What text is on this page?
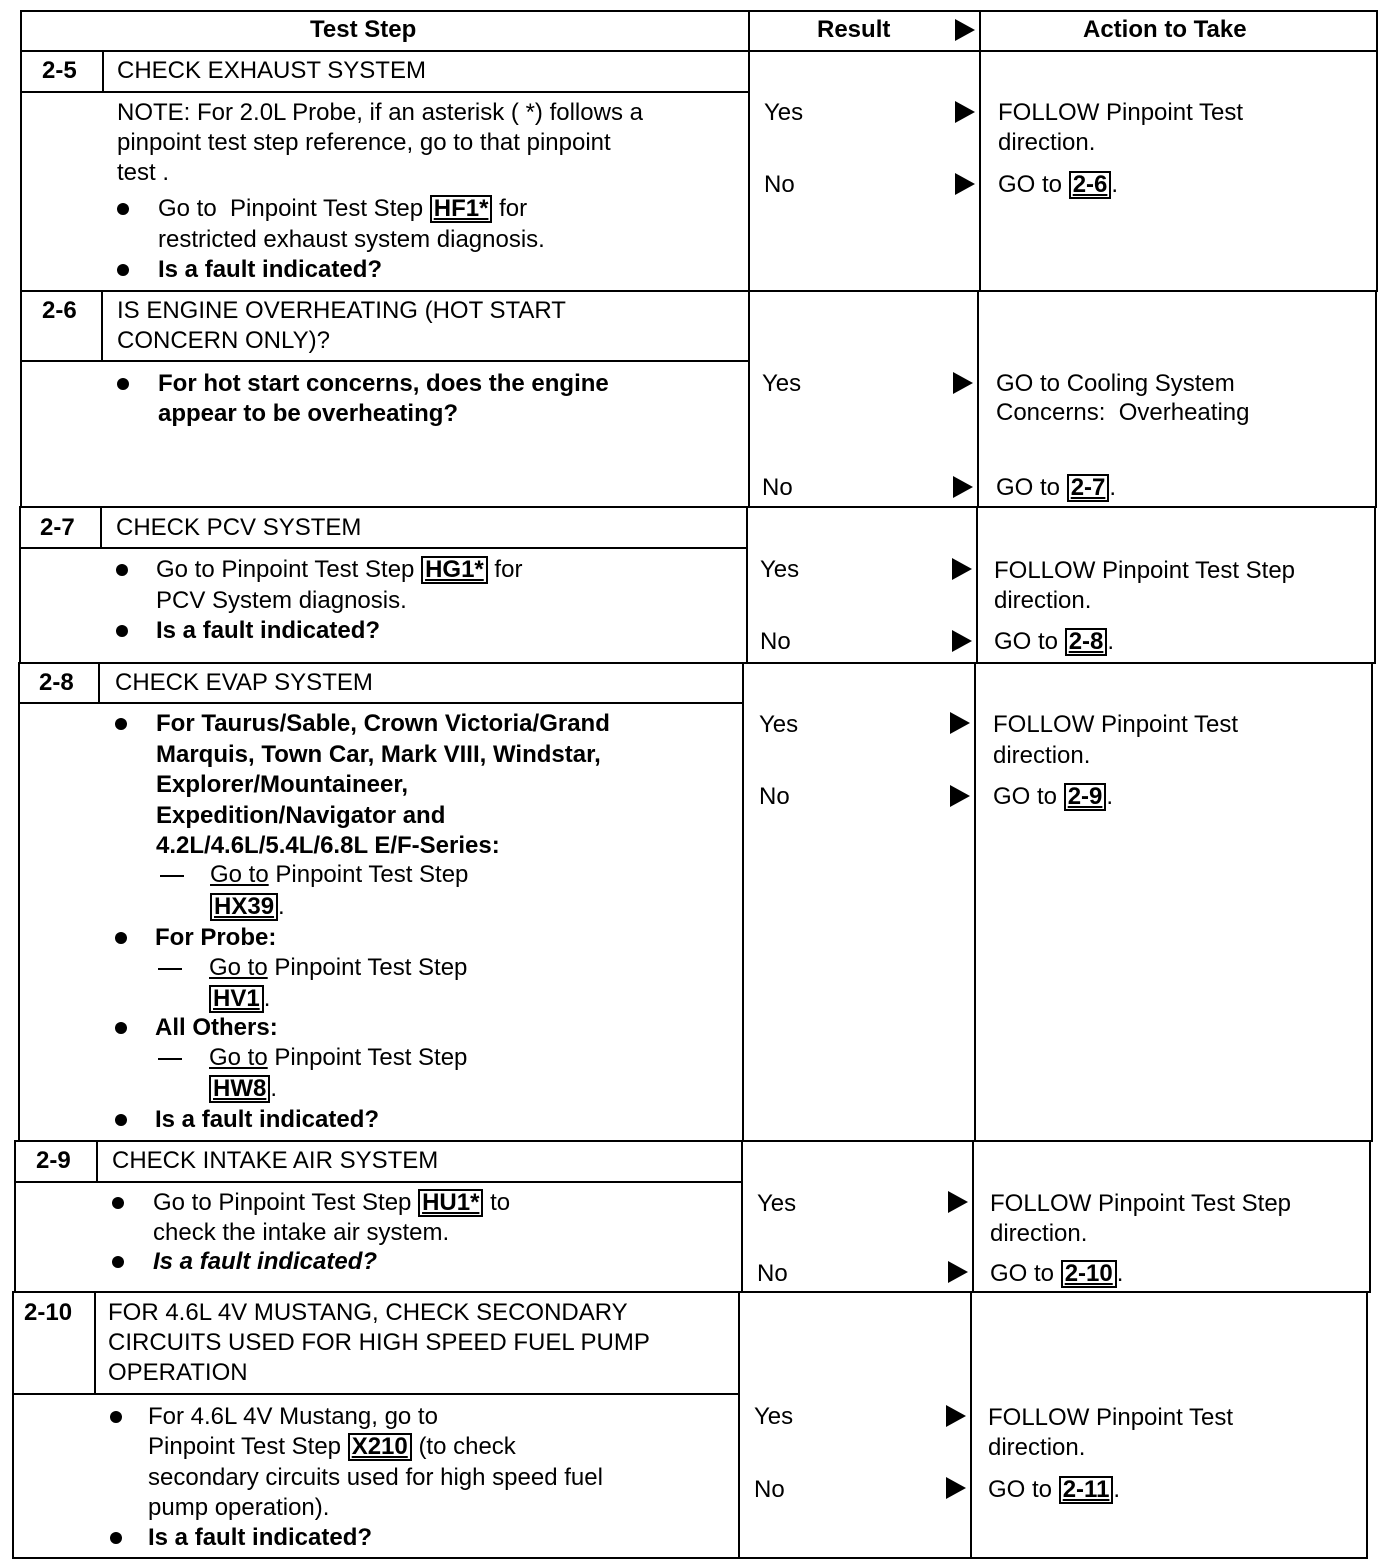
Test Step	Result	Action to Take
2-5 CHECK EXHAUST SYSTEM
NOTE: For 2.0L Probe, if an asterisk ( *) follows a
pinpoint test step reference, go to that pinpoint
test .
Go to  Pinpoint Test Step HF1* for
restricted exhaust system diagnosis.
Is a fault indicated?
Yes
No
FOLLOW Pinpoint Test
direction.
GO to 2-6 .
2-6 IS ENGINE OVERHEATING (HOT START
CONCERN ONLY)?
For hot start concerns, does the engine
appear to be overheating?
Yes
No
GO to Cooling System
Concerns:  Overheating
GO to 2-7 .
2-7 CHECK PCV SYSTEM
Go to Pinpoint Test Step HG1* for
PCV System diagnosis.
Is a fault indicated?
Yes
No
FOLLOW Pinpoint Test Step
direction.
GO to 2-8 .
2-8 CHECK EVAP SYSTEM
For Taurus/Sable, Crown Victoria/Grand
Marquis, Town Car, Mark VIII, Windstar,
Explorer/Mountaineer,
Expedition/Navigator and
4.2L/4.6L/5.4L/6.8L E/F-Series:
Go to Pinpoint Test Step
HX39 .
For Probe:
Go to Pinpoint Test Step
HV1 .
All Others:
Go to Pinpoint Test Step
HW8 .
Is a fault indicated?
Yes
No
FOLLOW Pinpoint Test
direction.
GO to 2-9 .
2-9 CHECK INTAKE AIR SYSTEM
Go to Pinpoint Test Step HU1* to
check the intake air system.
Is a fault indicated?
Yes
No
FOLLOW Pinpoint Test Step
direction.
GO to 2-10 .
2-10 FOR 4.6L 4V MUSTANG, CHECK SECONDARY
CIRCUITS USED FOR HIGH SPEED FUEL PUMP
OPERATION
For 4.6L 4V Mustang, go to
Pinpoint Test Step X210 (to check
secondary circuits used for high speed fuel
pump operation).
Is a fault indicated?
Yes
No
FOLLOW Pinpoint Test
direction.
GO to 2-11 .
